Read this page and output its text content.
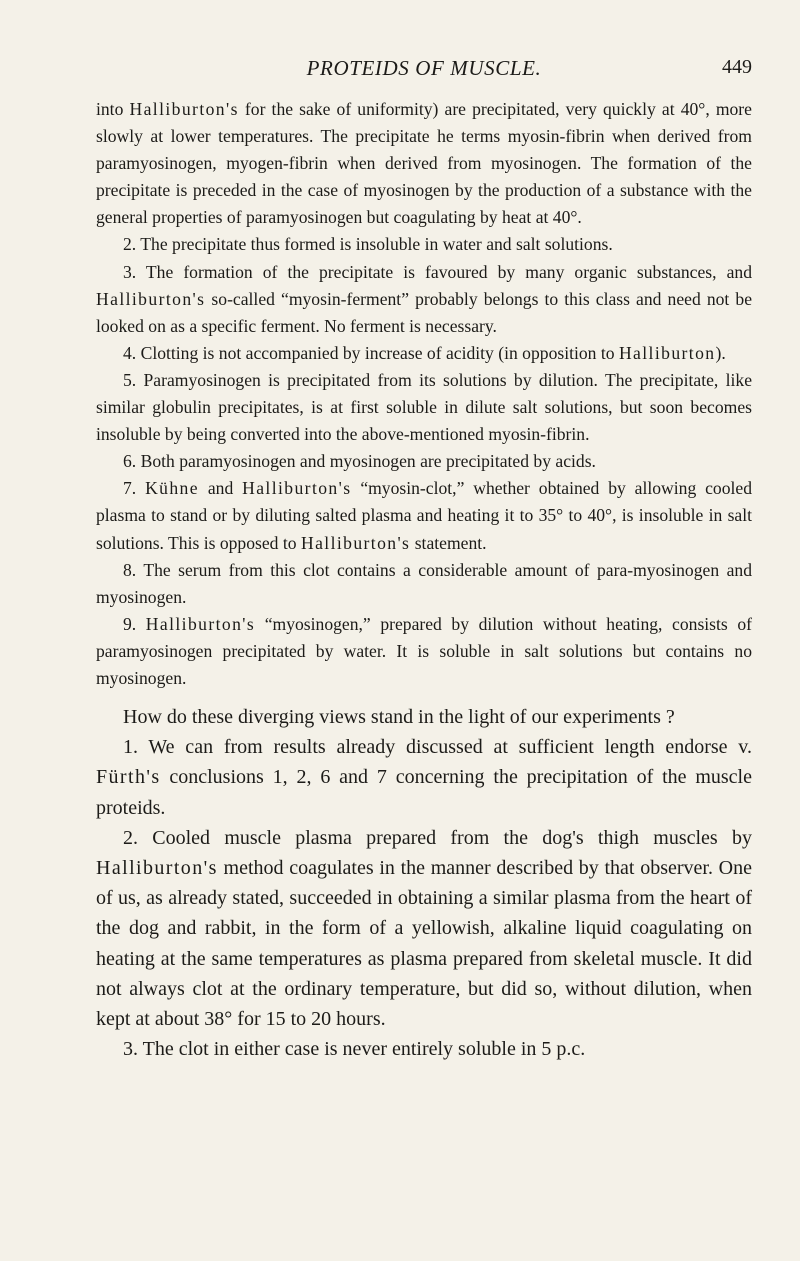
PROTEIDS OF MUSCLE.	449

into Halliburton's for the sake of uniformity) are precipitated, very quickly at 40°, more slowly at lower temperatures. The precipitate he terms myosin-fibrin when derived from paramyosinogen, myogen-fibrin when derived from myosinogen. The formation of the precipitate is preceded in the case of myosinogen by the production of a substance with the general properties of paramyosinogen but coagulating by heat at 40°.

2. The precipitate thus formed is insoluble in water and salt solutions.

3. The formation of the precipitate is favoured by many organic substances, and Halliburton's so-called “myosin-ferment” probably belongs to this class and need not be looked on as a specific ferment. No ferment is necessary.

4. Clotting is not accompanied by increase of acidity (in opposition to Halliburton).

5. Paramyosinogen is precipitated from its solutions by dilution. The precipitate, like similar globulin precipitates, is at first soluble in dilute salt solutions, but soon becomes insoluble by being converted into the above-mentioned myosin-fibrin.

6. Both paramyosinogen and myosinogen are precipitated by acids.

7. Kühne and Halliburton's “myosin-clot,” whether obtained by allowing cooled plasma to stand or by diluting salted plasma and heating it to 35° to 40°, is insoluble in salt solutions. This is opposed to Halliburton's statement.

8. The serum from this clot contains a considerable amount of para-myosinogen and myosinogen.

9. Halliburton's “myosinogen,” prepared by dilution without heating, consists of paramyosinogen precipitated by water. It is soluble in salt solutions but contains no myosinogen.

How do these diverging views stand in the light of our experiments ?

1. We can from results already discussed at sufficient length endorse v. Fürth's conclusions 1, 2, 6 and 7 concerning the precipitation of the muscle proteids.

2. Cooled muscle plasma prepared from the dog's thigh muscles by Halliburton's method coagulates in the manner described by that observer. One of us, as already stated, succeeded in obtaining a similar plasma from the heart of the dog and rabbit, in the form of a yellowish, alkaline liquid coagulating on heating at the same temperatures as plasma prepared from skeletal muscle. It did not always clot at the ordinary temperature, but did so, without dilution, when kept at about 38° for 15 to 20 hours.

3. The clot in either case is never entirely soluble in 5 p.c.
